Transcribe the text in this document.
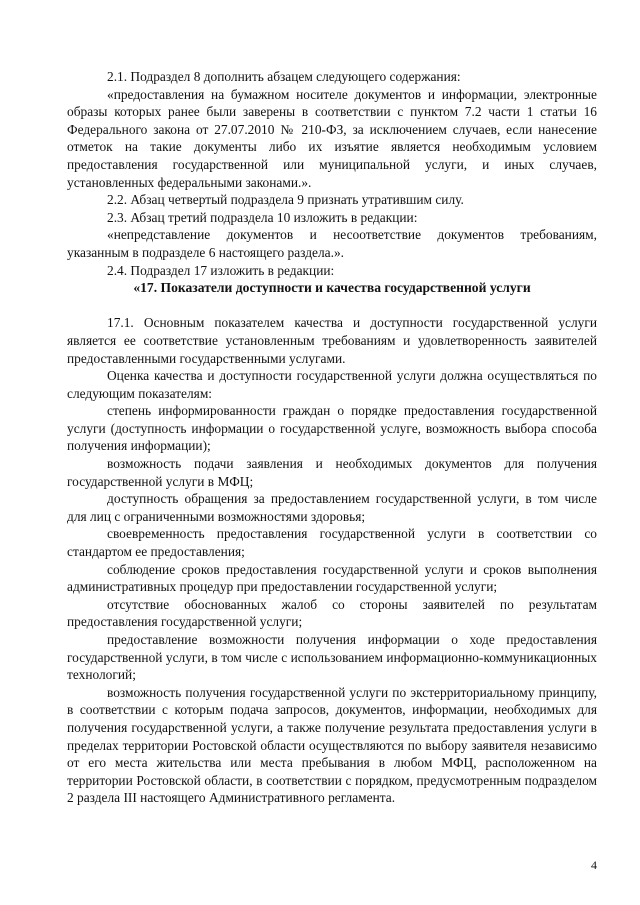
2.1. Подраздел 8 дополнить абзацем следующего содержания:

«предоставления на бумажном носителе документов и информации, электронные образы которых ранее были заверены в соответствии с пунктом 7.2 части 1 статьи 16 Федерального закона от 27.07.2010 № 210-ФЗ, за исключением случаев, если нанесение отметок на такие документы либо их изъятие является необходимым условием предоставления государственной или муниципальной услуги, и иных случаев, установленных федеральными законами.».

2.2. Абзац четвертый подраздела 9 признать утратившим силу.

2.3. Абзац третий подраздела 10 изложить в редакции:

«непредставление документов и несоответствие документов требованиям, указанным в подразделе 6 настоящего раздела.».

2.4. Подраздел 17 изложить в редакции:

«17. Показатели доступности и качества государственной услуги

17.1. Основным показателем качества и доступности государственной услуги является ее соответствие установленным требованиям и удовлетворенность заявителей предоставленными государственными услугами.

Оценка качества и доступности государственной услуги должна осуществляться по следующим показателям:

степень информированности граждан о порядке предоставления государственной услуги (доступность информации о государственной услуге, возможность выбора способа получения информации);

возможность подачи заявления и необходимых документов для получения государственной услуги в МФЦ;

доступность обращения за предоставлением государственной услуги, в том числе для лиц с ограниченными возможностями здоровья;

своевременность предоставления государственной услуги в соответствии со стандартом ее предоставления;

соблюдение сроков предоставления государственной услуги и сроков выполнения административных процедур при предоставлении государственной услуги;

отсутствие обоснованных жалоб со стороны заявителей по результатам предоставления государственной услуги;

предоставление возможности получения информации о ходе предоставления государственной услуги, в том числе с использованием информационно-коммуникационных технологий;

возможность получения государственной услуги по экстерриториальному принципу, в соответствии с которым подача запросов, документов, информации, необходимых для получения государственной услуги, а также получение результата предоставления услуги в пределах территории Ростовской области осуществляются по выбору заявителя независимо от его места жительства или места пребывания в любом МФЦ, расположенном на территории Ростовской области, в соответствии с порядком, предусмотренным подразделом 2 раздела III настоящего Административного регламента.

4
